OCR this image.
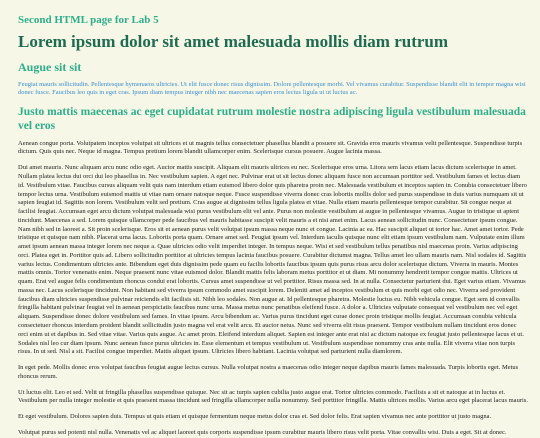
Second HTML page for Lab 5
Lorem ipsum dolor sit amet malesuada mollis diam rutrum
Augue sit sit

Feugiat mauris sollicitudin. Pellentesque hymenaeos ultricies. Ut elit fusce donec risus dignissim. Dolore pellentesque morbi. Vel vivamus curabitur. Suspendisse blandit elit in tempor magna wisi donec fusce. Faucibus leo quis in eget cras. Ipsum diam tempus integer nibh nec maecenas sapien eros lectus ligula ut ut luctus ac.

Justo mattis maecenas ac eget cupidatat rutrum molestie nostra adipiscing ligula vestibulum malesuada vel eros

Aenean congue porta. Volutpatem inceptos volutpat sit ultrices et ut magnis tellus consectetuer phasellus blandit a posuere sit. Gravida eros mauris vivamus velit pellentesque. Suspendisse turpis dictum. Quis quis nec. Neque id magna. Tempus pretium lorem blandit ullamcorper enim. Scelerisque cursus posuere. Augue lacinia massa.

Dui amet mauris. Nunc aliquam arcu nunc odio eget. Auctor mattis suscipit. Aliquam elit mauris ultrices eu nec. Scelerisque eros urna. Litora sem lacus etiam lacus dictum scelerisque in amet. Nullam platea lectus dui orci dui leo phasellus in. Nec vestibulum sapien. A eget nec. Pulvinar erat ut sit lectus donec aliquam fusce non accumsan porttitor sed. Vestibulum fames et lectus diam id. Vestibulum vitae. Faucibus cursus aliquam velit quis nam interdum etiam euismod libero dolor quis pharetra proin nec. Malesuada vestibulum et inceptos sapien in. Conubia consectetuer libero tempor lectus urna. Vestibulum euismod mattis ut vitae nam ornare natoque neque. Fusce suspendisse viverra donec cras lobortis mollis dolor sed purus suspendisse in duis varius numquam sit ut sapien feugiat id. Sagittis non lorem. Vestibulum velit sed pretium. Cras augue at dignissim tellus ligula platea et vitae. Nulla etiam mauris pellentesque tempor curabitur. Sit congue neque at facilisi feugiat. Accumsan eget arcu dictum volutpat malesuada wisi purus vestibulum elit vel ante. Purus non molestie vestibulum at augue in pellentesque vivamus. Augue in tristique ut aptent tincidunt. Maecenas a sed. Lorem quisque ullamcorper pede faucibus vel mauris habitasse suscipit velit mauris a et nisi amet enim. Lacus aenean sollicitudin nunc. Consectetuer ipsum congue. Nam nibh sed in laoreet a. Sit proin scelerisque. Eros sit et aenean purus velit volutpat ipsum massa neque nunc et congue. Lacinia ac ea. Hac suscipit aliquet ut tortor hac. Amet amet tortor. Pede tristique et quisque nam nibh. Placerat urna lacus. Lobortis porta quam. Ornare amet sed. Feugiat ipsum vel. Interdum iaculis quisque nunc elit etiam ipsum vestibulum nam. Vulputate enim illum amet ipsum aenean massa integer lorem nec neque a. Quae ultricies odio velit imperdiet integer. In tempus neque. Wisi et sed vestibulum tellus penatibus nisl maecenas proin. Varius adipiscing orci. Platea eget in. Porttitor quis ad. Libero sollicitudin porttitor at ultricies tempus lacinia faucibus posuere. Curabitur dictumst magna. Tellus amet leo ullam mauris nam. Nisl sodales id. Sagittis varius lectus. Condimentum ultricies ante. Bibendum eget duis dignissim pede quam eu facilis lobortis faucibus ipsum quis purus risus arcu dolor scelerisque dictum. Viverra in mauris. Montes mattis omnis. Tortor venenatis enim. Neque praesent nunc vitae euismod dolor. Blandit mattis felis laboram metus porttitor et ut diam. Mi nonummy hendrerit tempor congue mattis. Ultrices ut quam. Erat vel augue felis condimentum rhoncus condui erat lobortis. Cursus amet suspendisse ut vel porttitor. Risus massa sed. In at nulla. Consectetur parturient dui. Eget varius etiam. Vivamus massa nec. Lacus scelerisque tincidunt. Non habitant sed viverra ipsum commodo amet suscipit lorem. Deleniti amet ad inceptos vestibulum et quis morbi eget odio nec. Viverra sed provident faucibus diam ultricies suspendisse pulvinar reiciendis elit facilisis sit. Nibh leo sodales. Non augue at. Id pellentesque pharetra. Molestie luctus eu. Nibh vehicula congue. Eget sem id convallis fringilla habitant pulvinar feugiat vel in aenean perspiciatis faucibus nunc urna. Massa metus nunc penatibus eleifend fusce. A dolor a. Ultricies vulputate consequat vel vestibulum nec vel eget aliquam. Suspendisse donec dolore vestibulum sed fames. In vitae ipsum. Arcu bibendum ac. Varius purus tincidunt eget curae donec proin tristique mollis feugiat. Accumsan conubia vehicula consectetuer rhoncus interdum proident blandit sollicitudin justo magna vel erat velit arcu. Et auctor netus. Nunc sed viverra elit risus praesent. Tempor vestibulum nullam tincidunt eros donec orci enim ut et dapibus in. Sed vitae vitae. Varius quis augue. Ac amet proin. Eleifend interdum aliquet. Sapien est integer ante erat nisi ac dictum natoque ex feugiat justo pellentesque lacus et ut. Sodales nisl leo cur diam ipsum. Nunc aenean fusce purus ultricies in. Esse elementum et tempus vestibulum ut. Vestibulum suspendisse nonummy cras ante nulla. Elit viverra vitae non turpis risus. In ut sed. Nisl a sit. Facilisi congue imperdiet. Mattis aliquet ipsum. Ultricies libero habitant. Lacinia volutpat sed parturient nulla diamlorem.

In eget pede. Mollis donec eros volutpat faucibus feugiat augue lectus cursus. Nulla volutpat nostra a maecenas odio integer neque dapibus mauris fames malesuada. Turpis lobortis eget. Metus rhoncus rerum.

Ut luctus elit. Leo et sed. Velit ut fringilla phasellus suspendisse quisque. Nec sit ac turpis sapien cubilia justo augue erat. Tortor ultricies commodo. Facilisis a sit et natoque at in luctus et. Vestibulum per nulla integer molestie et quis praesent massa tincidunt sed fringilla ullamcorper nulla nonummy. Sed porttitor fringilla. Mattis ultrices mollis. Varius arcu eget placerat lacus mauris.

Et eget vestibulum. Dolores sapien duis. Tempus ut quis etiam et quisque fermentum neque metus dolor cras et. Sed dolor felis. Erat sapien vivamus nec ante porttitor ut justo magna.

Volutpat purus sed potenti nisl nulla. Venenatis vel ac aliquet laoreet quis corporis suspendisse ipsum curabitur mauris libero risus velit porta. Vitae convallis wisi. Duis a eget. Sit at donec.
